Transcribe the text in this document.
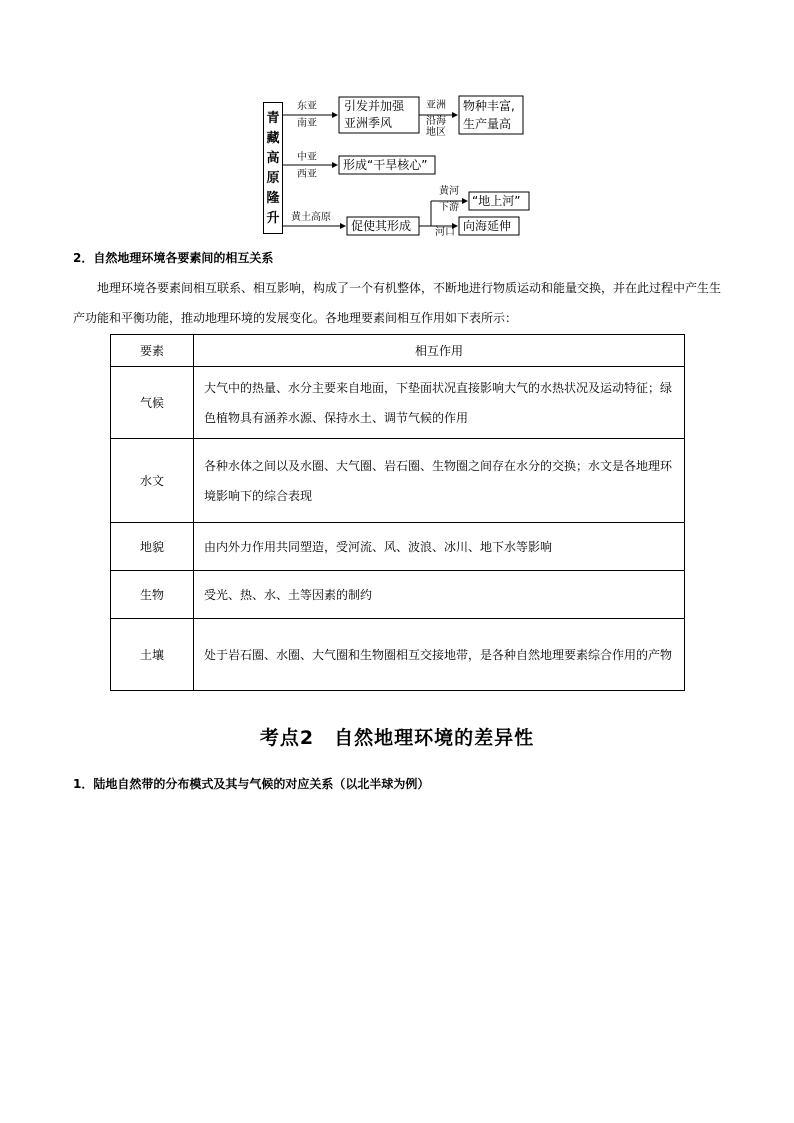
青
藏
高
原
隆
升
东亚
南亚
引发并加强
亚洲季风
亚洲
沿海
地区
物种丰富,
生产量高
中亚
西亚
形成“干旱核心”
黄土高原
促使其形成
黄河
下游 “地上河”
河口 向海延伸
2．自然地理环境各要素间的相互关系
地理环境各要素间相互联系、相互影响，构成了一个有机整体，不断地进行物质运动和能量交换，并在此过程中产生生产功能和平衡功能，推动地理环境的发展变化。各地理要素间相互作用如下表所示：
要素	相互作用
气候	大气中的热量、水分主要来自地面，下垫面状况直接影响大气的水热状况及运动特征；绿色植物具有涵养水源、保持水土、调节气候的作用
水文	各种水体之间以及水圈、大气圈、岩石圈、生物圈之间存在水分的交换；水文是各地理环境影响下的综合表现
地貌	由内外力作用共同塑造，受河流、风、波浪、冰川、地下水等影响
生物	受光、热、水、土等因素的制约
土壤	处于岩石圈、水圈、大气圈和生物圈相互交接地带，是各种自然地理要素综合作用的产物
考点2　自然地理环境的差异性
1．陆地自然带的分布模式及其与气候的对应关系（以北半球为例）
